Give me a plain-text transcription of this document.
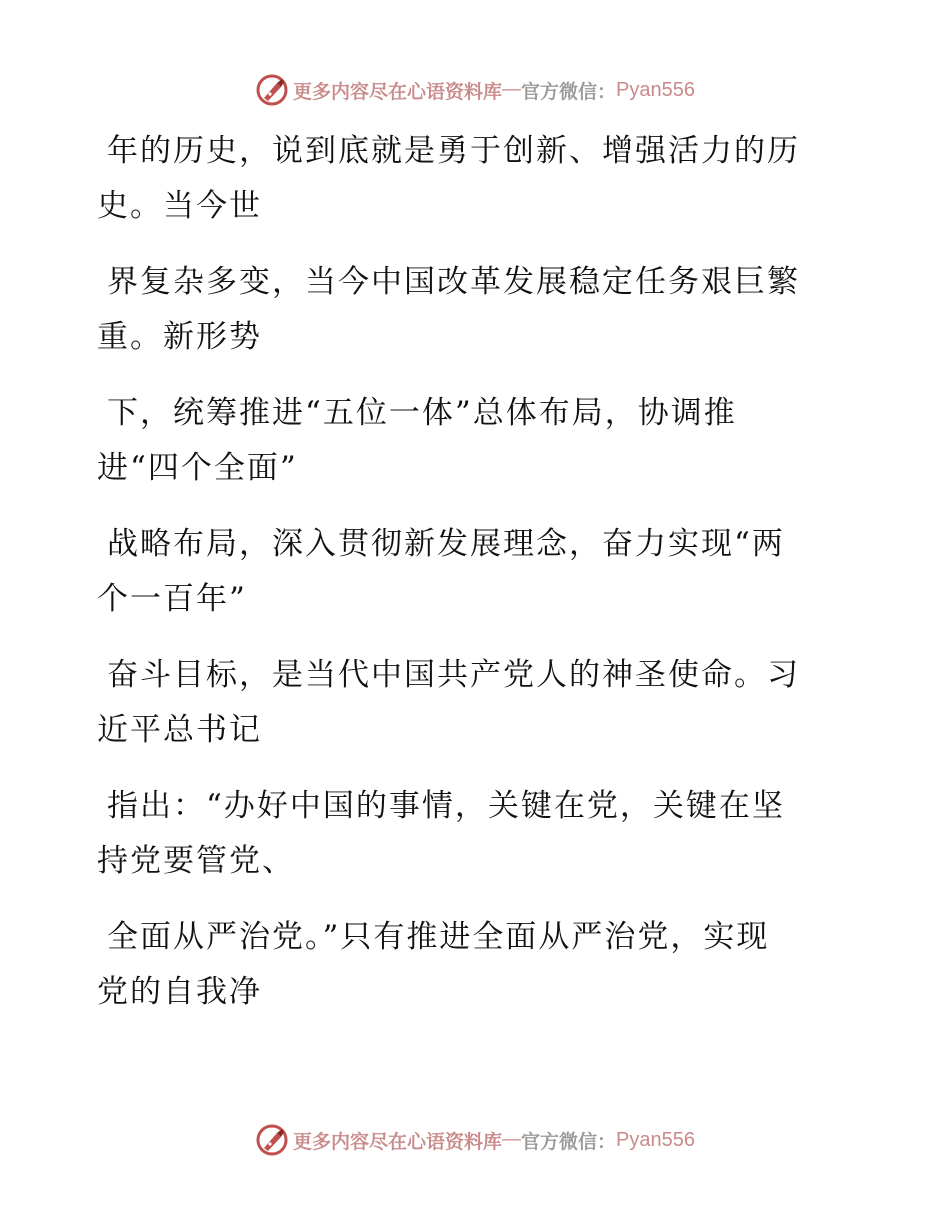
更多内容尽在心语资料库 — 官方微信： Pyan556

年的历史，说到底就是勇于创新、增强活力的历
史。当今世

界复杂多变，当今中国改革发展稳定任务艰巨繁
重。新形势

下，统筹推进“五位一体”总体布局，协调推
进“四个全面”

战略布局，深入贯彻新发展理念，奋力实现“两
个一百年”

奋斗目标，是当代中国共产党人的神圣使命。习
近平总书记

指出：“办好中国的事情，关键在党，关键在坚
持党要管党、

全面从严治党。”只有推进全面从严治党，实现
党的自我净

更多内容尽在心语资料库 — 官方微信： Pyan556
